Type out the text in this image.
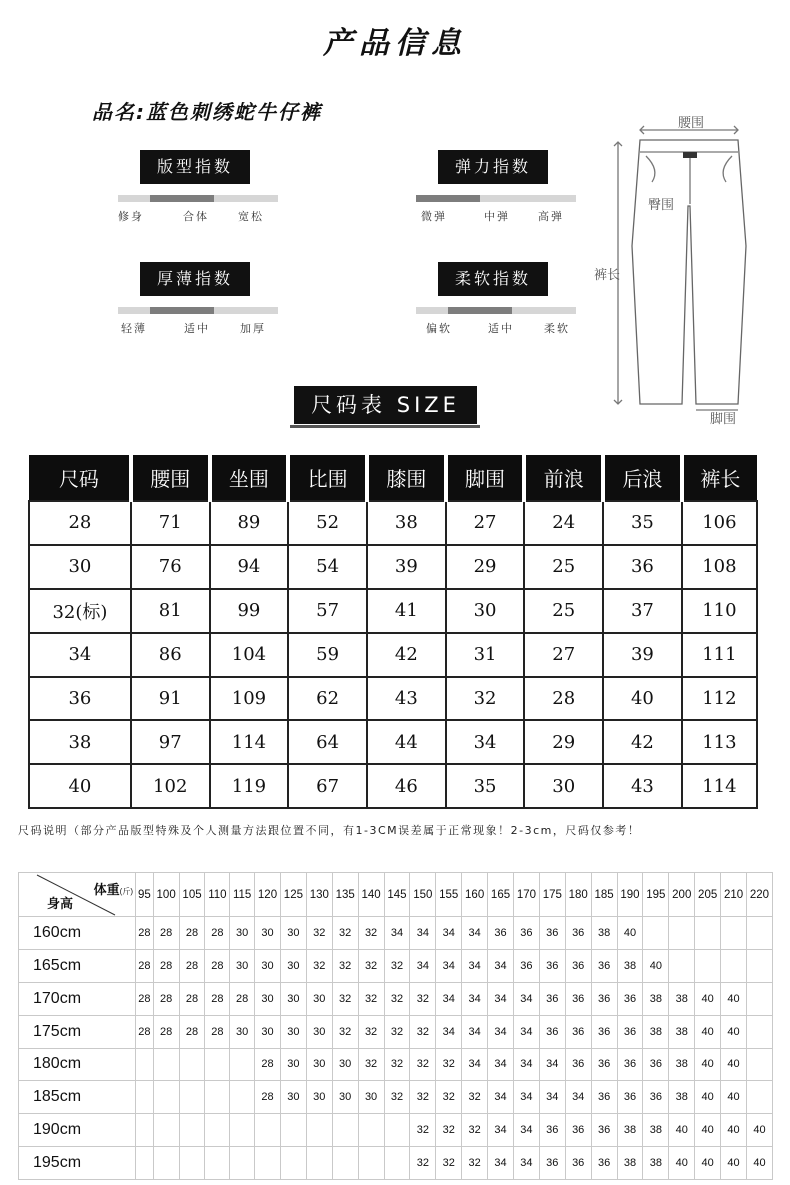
产品信息
品名:蓝色刺绣蛇牛仔裤
版型指数
修身	合体	宽松
弹力指数
微弹	中弹	高弹
厚薄指数
轻薄	适中	加厚
柔软指数
偏软	适中	柔软
腰围
臀围
裤长
脚围
尺码表 SIZE
尺码	腰围	坐围	比围	膝围	脚围	前浪	后浪	裤长
28	71	89	52	38	27	24	35	106
30	76	94	54	39	29	25	36	108
32(标)	81	99	57	41	30	25	37	110
34	86	104	59	42	31	27	39	111
36	91	109	62	43	32	28	40	112
38	97	114	64	44	34	29	42	113
40	102	119	67	46	35	30	43	114
尺码说明（部分产品版型特殊及个人测量方法跟位置不同，有1-3CM误差属于正常现象！2-3cm，尺码仅参考！
体重(斤)
身高	95	100	105	110	115	120	125	130	135	140	145	150	155	160	165	170	175	180	185	190	195	200	205	210	220
160cm	28	28	28	28	30	30	30	32	32	32	34	34	34	34	36	36	36	36	38	40					
165cm	28	28	28	28	30	30	30	32	32	32	32	34	34	34	34	36	36	36	36	38	40				
170cm	28	28	28	28	28	30	30	30	32	32	32	32	34	34	34	34	36	36	36	36	38	38	40	40	
175cm	28	28	28	28	30	30	30	30	32	32	32	32	34	34	34	34	36	36	36	36	38	38	40	40	
180cm						28	30	30	30	32	32	32	32	34	34	34	34	36	36	36	36	38	40	40	
185cm						28	30	30	30	30	32	32	32	32	34	34	34	34	36	36	36	38	40	40	
190cm												32	32	32	34	34	36	36	36	38	38	40	40	40	40
195cm												32	32	32	34	34	36	36	36	38	38	40	40	40	40
